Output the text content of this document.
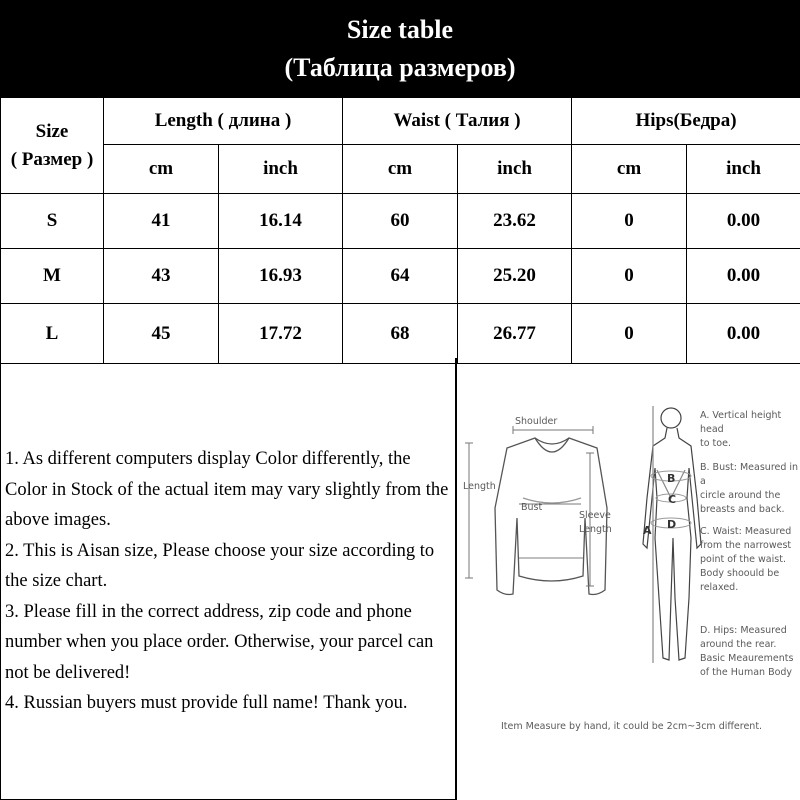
Size table
(Таблица размеров)
Size
( Размер )	Length ( длина )		Waist ( Талия )		Hips(Бедра)	
	cm	inch	cm	inch	cm	inch
S	41	16.14	60	23.62	0	0.00
M	43	16.93	64	25.20	0	0.00
L	45	17.72	68	26.77	0	0.00

1. As different computers display Color differently, the

Color in Stock of the actual item may vary slightly from the

above images.

2. This is Aisan size, Please choose your size according to

the size chart.

3. Please fill in the correct address, zip code and phone

number when you place order. Otherwise, your parcel can

not be delivered!

4. Russian buyers must provide full name! Thank you.

Shoulder
Length
Bust
Sleeve
Length	A
B
C
D
A. Vertical height head
to toe.
B. Bust: Measured in a
circle around the
breasts and back.
C. Waist: Measured
from the narrowest
point of the waist.
Body shoould be
relaxed.
D. Hips: Measured
around the rear.
Basic Meaurements
of the Human Body
Item Measure by hand, it could be 2cm~3cm different.
